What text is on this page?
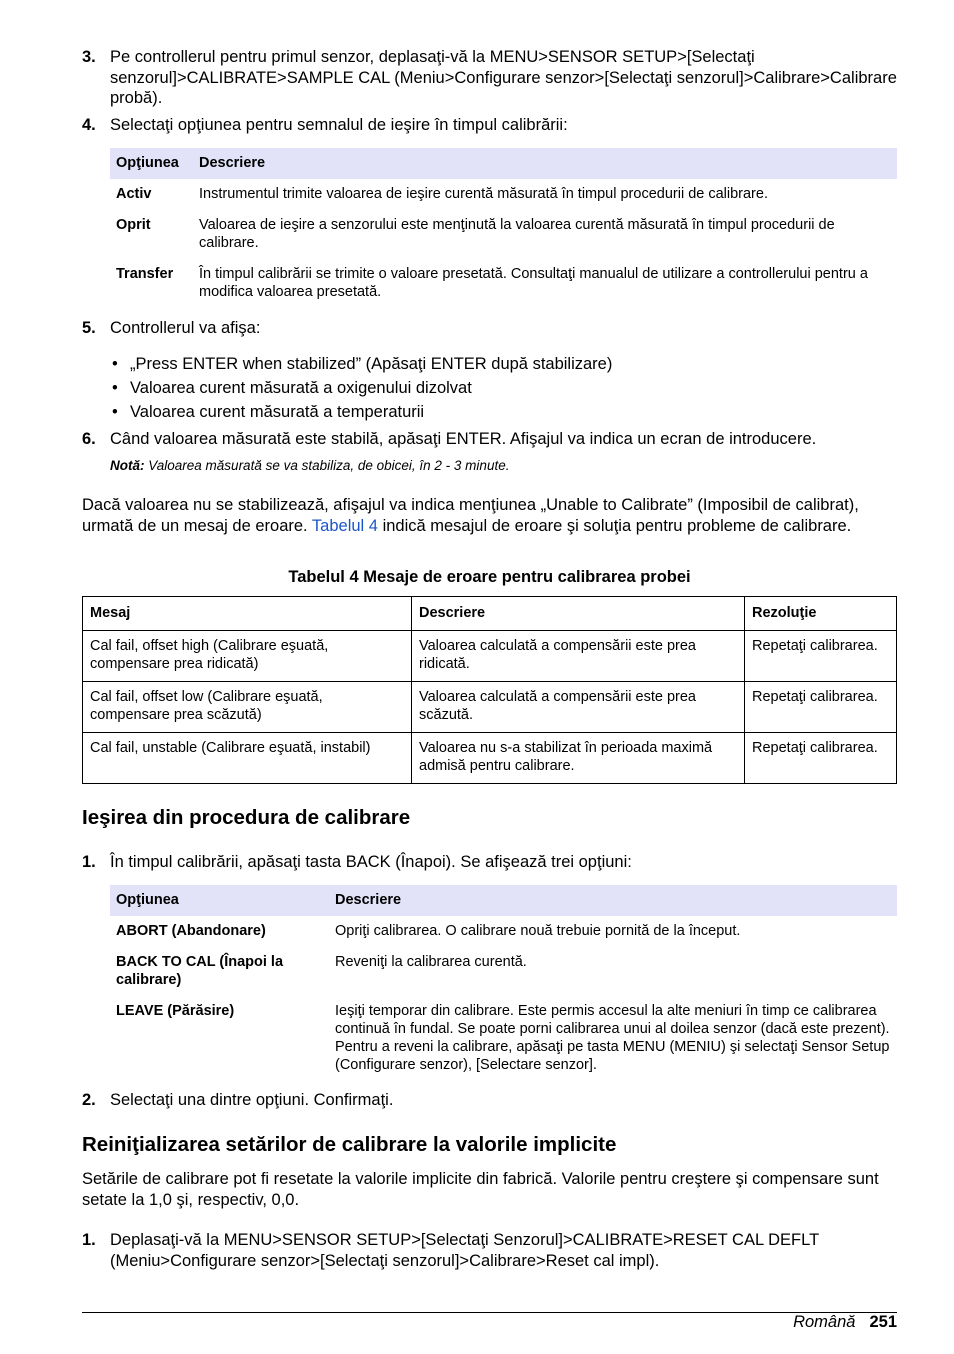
3. Pe controllerul pentru primul senzor, deplasaţi-vă la MENU>SENSOR SETUP>[Selectaţi senzorul]>CALIBRATE>SAMPLE CAL (Meniu>Configurare senzor>[Selectaţi senzorul]>Calibrare>Calibrare probă).
4. Selectaţi opţiunea pentru semnalul de ieşire în timpul calibrării:
Opţiunea	Descriere
Activ	Instrumentul trimite valoarea de ieşire curentă măsurată în timpul procedurii de calibrare.
Oprit	Valoarea de ieşire a senzorului este menţinută la valoarea curentă măsurată în timpul procedurii de calibrare.
Transfer	În timpul calibrării se trimite o valoare presetată. Consultaţi manualul de utilizare a controllerului pentru a modifica valoarea presetată.
5. Controllerul va afişa:
• „Press ENTER when stabilized” (Apăsaţi ENTER după stabilizare)
• Valoarea curent măsurată a oxigenului dizolvat
• Valoarea curent măsurată a temperaturii
6. Când valoarea măsurată este stabilă, apăsaţi ENTER. Afişajul va indica un ecran de introducere.
Notă: Valoarea măsurată se va stabiliza, de obicei, în 2 - 3 minute.
Dacă valoarea nu se stabilizează, afişajul va indica menţiunea „Unable to Calibrate” (Imposibil de calibrat), urmată de un mesaj de eroare. Tabelul 4 indică mesajul de eroare şi soluţia pentru probleme de calibrare.
Tabelul 4 Mesaje de eroare pentru calibrarea probei
Mesaj	Descriere	Rezoluţie
Cal fail, offset high (Calibrare eşuată, compensare prea ridicată)	Valoarea calculată a compensării este prea ridicată.	Repetaţi calibrarea.
Cal fail, offset low (Calibrare eşuată, compensare prea scăzută)	Valoarea calculată a compensării este prea scăzută.	Repetaţi calibrarea.
Cal fail, unstable (Calibrare eşuată, instabil)	Valoarea nu s-a stabilizat în perioada maximă admisă pentru calibrare.	Repetaţi calibrarea.
Ieşirea din procedura de calibrare
1. În timpul calibrării, apăsaţi tasta BACK (Înapoi). Se afişează trei opţiuni:
Opţiunea	Descriere
ABORT (Abandonare)	Opriţi calibrarea. O calibrare nouă trebuie pornită de la început.
BACK TO CAL (Înapoi la calibrare)	Reveniţi la calibrarea curentă.
LEAVE (Părăsire)	Ieşiţi temporar din calibrare. Este permis accesul la alte meniuri în timp ce calibrarea continuă în fundal. Se poate porni calibrarea unui al doilea senzor (dacă este prezent). Pentru a reveni la calibrare, apăsaţi pe tasta MENU (MENIU) şi selectaţi Sensor Setup (Configurare senzor), [Selectare senzor].
2. Selectaţi una dintre opţiuni. Confirmaţi.
Reiniţializarea setărilor de calibrare la valorile implicite
Setările de calibrare pot fi resetate la valorile implicite din fabrică. Valorile pentru creştere şi compensare sunt setate la 1,0 şi, respectiv, 0,0.
1. Deplasaţi-vă la MENU>SENSOR SETUP>[Selectaţi Senzorul]>CALIBRATE>RESET CAL DEFLT (Meniu>Configurare senzor>[Selectaţi senzorul]>Calibrare>Reset cal impl).
Română 251
